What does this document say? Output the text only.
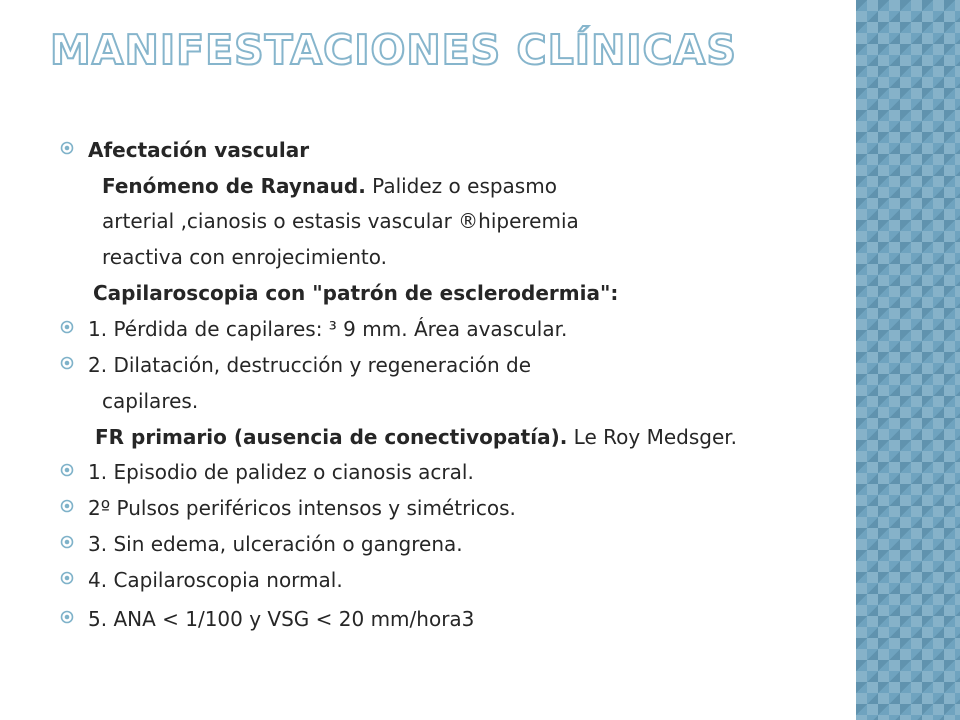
MANIFESTACIONES CLÍNICAS
Afectación vascular
Fenómeno de Raynaud. Palidez o espasmo
arterial ,cianosis o estasis vascular ®hiperemia
reactiva con enrojecimiento.
Capilaroscopia con "patrón de esclerodermia":
1. Pérdida de capilares: ³ 9 mm. Área avascular.
2. Dilatación, destrucción y regeneración de
capilares.
FR primario (ausencia de conectivopatía). Le Roy Medsger.
1. Episodio de palidez o cianosis acral.
2º Pulsos periféricos intensos y simétricos.
3. Sin edema, ulceración o gangrena.
4. Capilaroscopia normal.
5. ANA < 1/100 y VSG < 20 mm/hora3
